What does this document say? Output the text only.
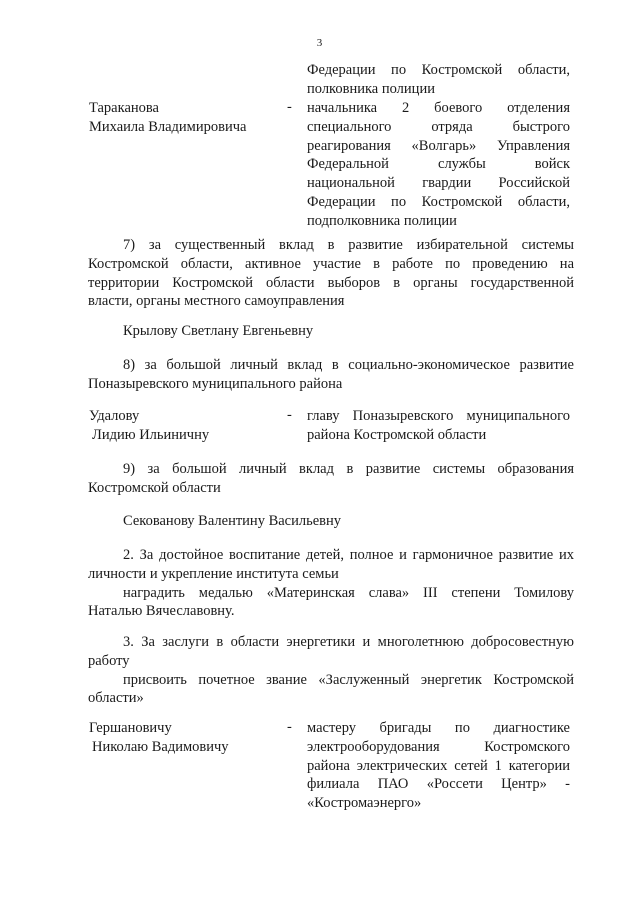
3
Федерации по Костромской области,
полковника полиции
Тараканова
Михаила Владимировича
- начальника 2 боевого отделения
специального отряда быстрого
реагирования «Волгарь» Управления
Федеральной службы войск
национальной гвардии Российской
Федерации по Костромской области,
подполковника полиции
7) за существенный вклад в развитие избирательной системы
Костромской области, активное участие в работе по проведению на
территории Костромской области выборов в органы государственной
власти, органы местного самоуправления
Крылову Светлану Евгеньевну
8) за большой личный вклад в социально-экономическое развитие
Поназыревского муниципального района
Удалову
Лидию Ильиничну
- главу Поназыревского муниципального
района Костромской области
9) за большой личный вклад в развитие системы образования
Костромской области
Секованову Валентину Васильевну
2. За достойное воспитание детей, полное и гармоничное развитие их
личности и укрепление института семьи
наградить медалью «Материнская слава» III степени Томилову
Наталью Вячеславовну.
3. За заслуги в области энергетики и многолетнюю добросовестную
работу
присвоить почетное звание «Заслуженный энергетик Костромской
области»
Гершановичу
Николаю Вадимовичу
- мастеру бригады по диагностике
электрооборудования Костромского
района электрических сетей 1 категории
филиала ПАО «Россети Центр» -
«Костромаэнерго»
